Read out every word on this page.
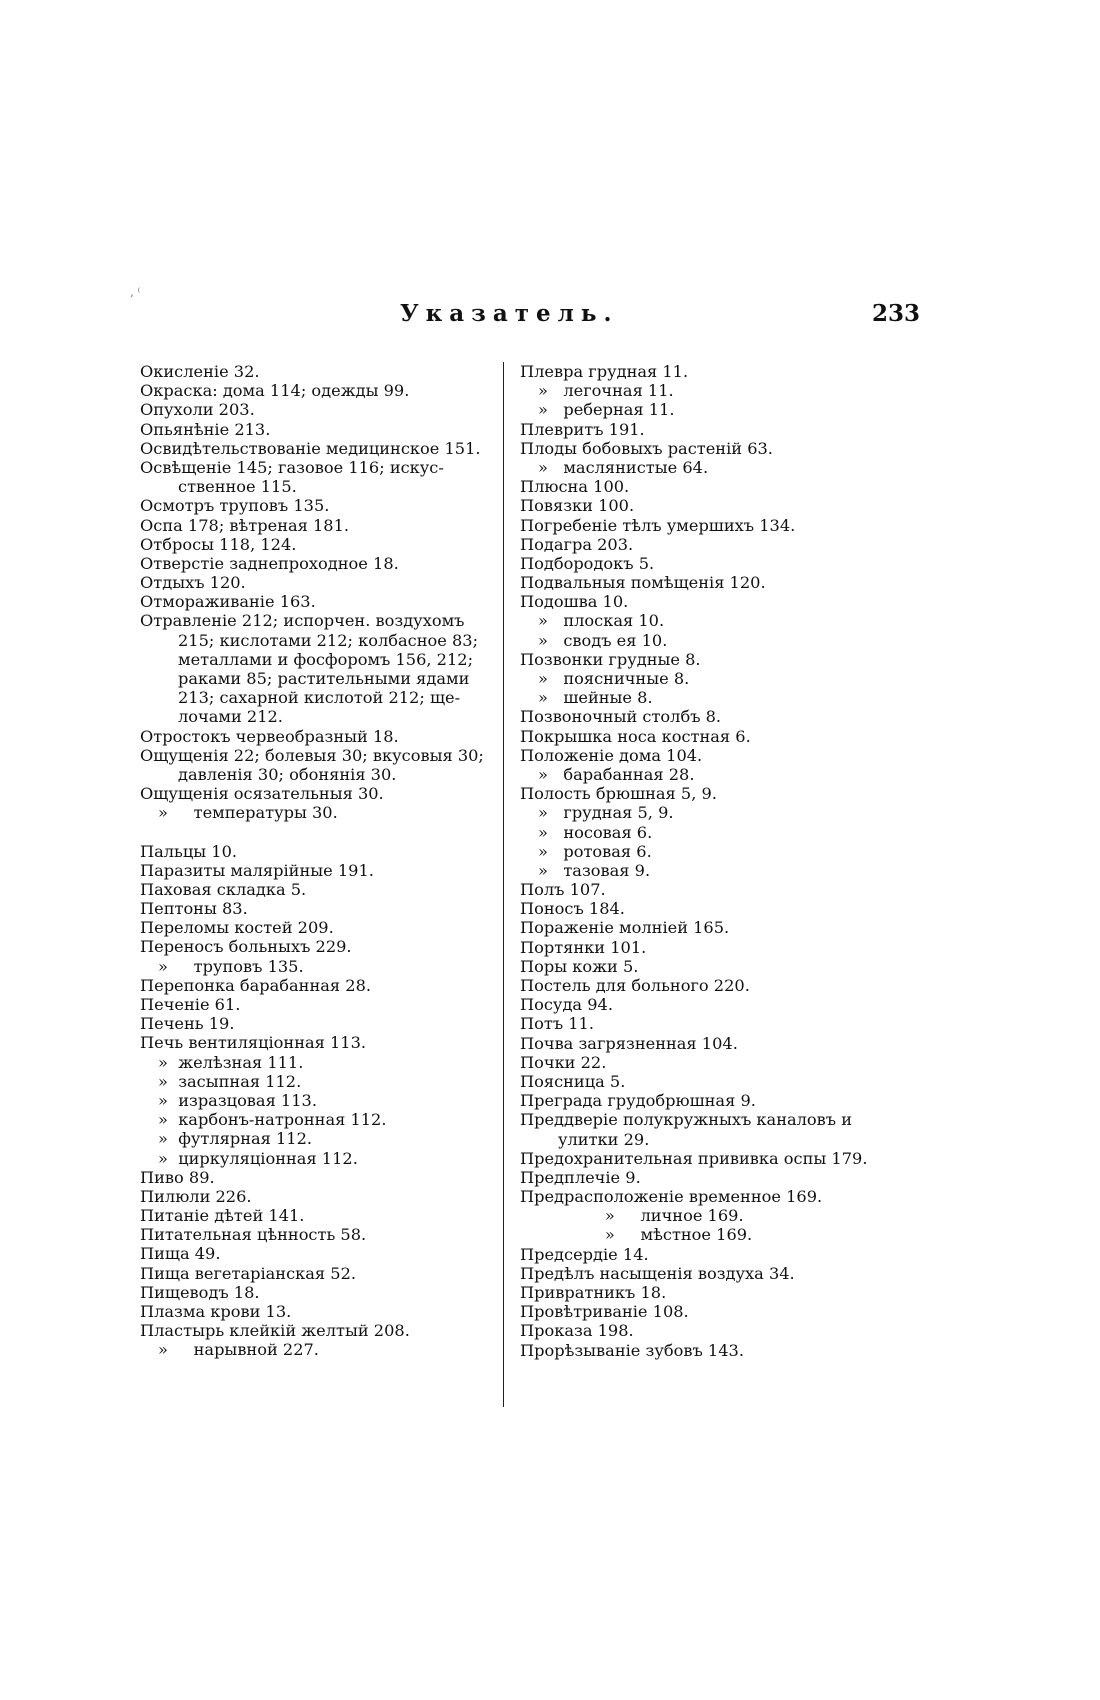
‚ ⁽
Указатель.	233
Окисленіе 32.
Окраска: дома 114; одежды 99.
Опухоли 203.
Опьянѣніе 213.
Освидѣтельствованіе медицинское 151.
Освѣщеніе 145; газовое 116; искус-
ственное 115.
Осмотръ труповъ 135.
Оспа 178; вѣтреная 181.
Отбросы 118, 124.
Отверстіе заднепроходное 18.
Отдыхъ 120.
Отмораживаніе 163.
Отравленіе 212; испорчен. воздухомъ
215; кислотами 212; колбасное 83;
металлами и фосфоромъ 156, 212;
раками 85; растительными ядами
213; сахарной кислотой 212; ще-
лочами 212.
Отростокъ червеобразный 18.
Ощущенія 22; болевыя 30; вкусовыя 30;
давленія 30; обонянія 30.
Ощущенія осязательныя 30.
»     температуры 30.
Пальцы 10.
Паразиты малярійные 191.
Паховая складка 5.
Пептоны 83.
Переломы костей 209.
Переносъ больныхъ 229.
»     труповъ 135.
Перепонка барабанная 28.
Печеніе 61.
Печень 19.
Печь вентиляціонная 113.
»  желѣзная 111.
»  засыпная 112.
»  изразцовая 113.
»  карбонъ-натронная 112.
»  футлярная 112.
»  циркуляціонная 112.
Пиво 89.
Пилюли 226.
Питаніе дѣтей 141.
Питательная цѣнность 58.
Пища 49.
Пища вегетаріанская 52.
Пищеводъ 18.
Плазма крови 13.
Пластырь клейкій желтый 208.
»     нарывной 227.
Плевра грудная 11.
»   легочная 11.
»   реберная 11.
Плевритъ 191.
Плоды бобовыхъ растеній 63.
»   маслянистые 64.
Плюсна 100.
Повязки 100.
Погребеніе тѣлъ умершихъ 134.
Подагра 203.
Подбородокъ 5.
Подвальныя помѣщенія 120.
Подошва 10.
»   плоская 10.
»   сводъ ея 10.
Позвонки грудные 8.
»   поясничные 8.
»   шейные 8.
Позвоночный столбъ 8.
Покрышка носа костная 6.
Положеніе дома 104.
»   барабанная 28.
Полость брюшная 5, 9.
»   грудная 5, 9.
»   носовая 6.
»   ротовая 6.
»   тазовая 9.
Полъ 107.
Поносъ 184.
Пораженіе молніей 165.
Портянки 101.
Поры кожи 5.
Постель для больного 220.
Посуда 94.
Потъ 11.
Почва загрязненная 104.
Почки 22.
Поясница 5.
Преграда грудобрюшная 9.
Преддверіе полукружныхъ каналовъ и
улитки 29.
Предохранительная прививка оспы 179.
Предплечіе 9.
Предрасположеніе временное 169.
»     личное 169.
»     мѣстное 169.
Предсердіе 14.
Предѣлъ насыщенія воздуха 34.
Привратникъ 18.
Провѣтриваніе 108.
Проказа 198.
Прорѣзываніе зубовъ 143.
